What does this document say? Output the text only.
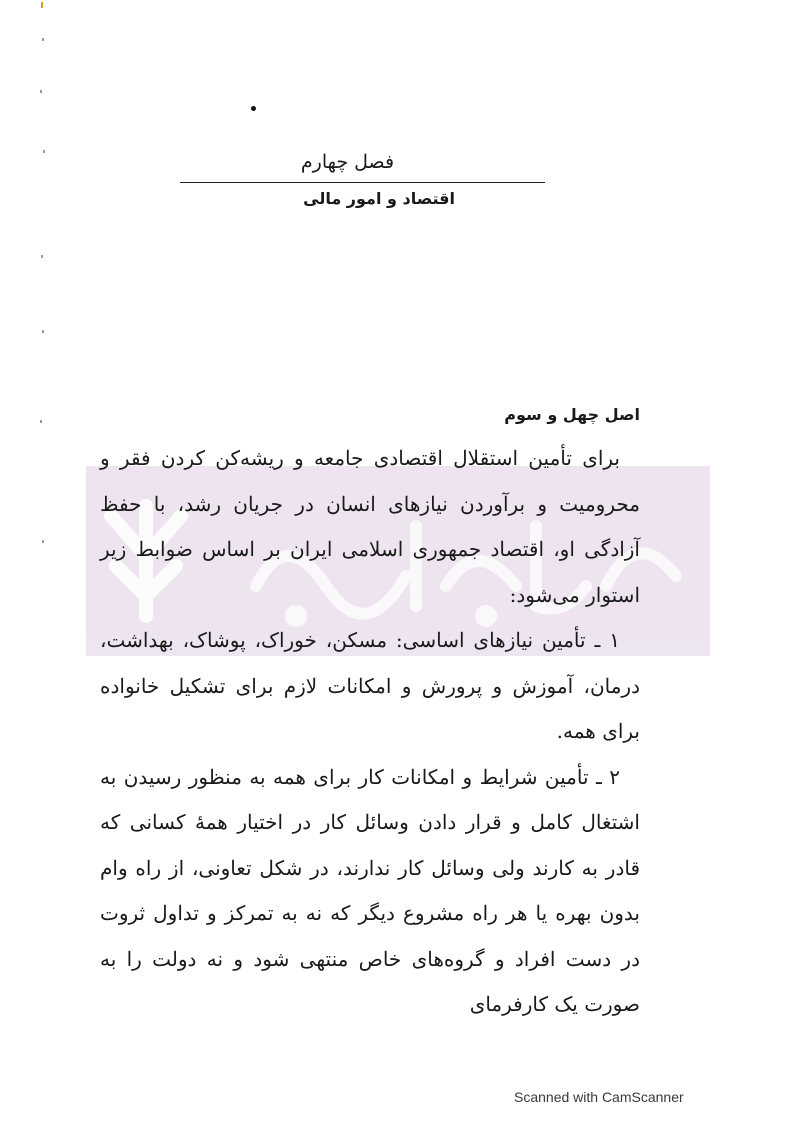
فصل چهارم
اقتصاد و امور مالی
اصل چهل و سوم

برای تأمین استقلال اقتصادی جامعه و ریشه‌کن کردن فقر و محرومیت و برآوردن نیازهای انسان در جریان رشد، با حفظ آزادگی او، اقتصاد جمهوری اسلامی ایران بر اساس ضوابط زیر استوار می‌شود:

۱ ـ تأمین نیازهای اساسی: مسکن، خوراک، پوشاک، بهداشت، درمان، آموزش و پرورش و امکانات لازم برای تشکیل خانواده برای همه.

۲ ـ تأمین شرایط و امکانات کار برای همه به منظور رسیدن به اشتغال کامل و قرار دادن وسائل کار در اختیار همهٔ کسانی که قادر به کارند ولی وسائل کار ندارند، در شکل تعاونی، از راه وام بدون بهره یا هر راه مشروع دیگر که نه به تمرکز و تداول ثروت در دست افراد و گروه‌های خاص منتهی شود و نه دولت را به صورت یک کارفرمای

Scanned with CamScanner
